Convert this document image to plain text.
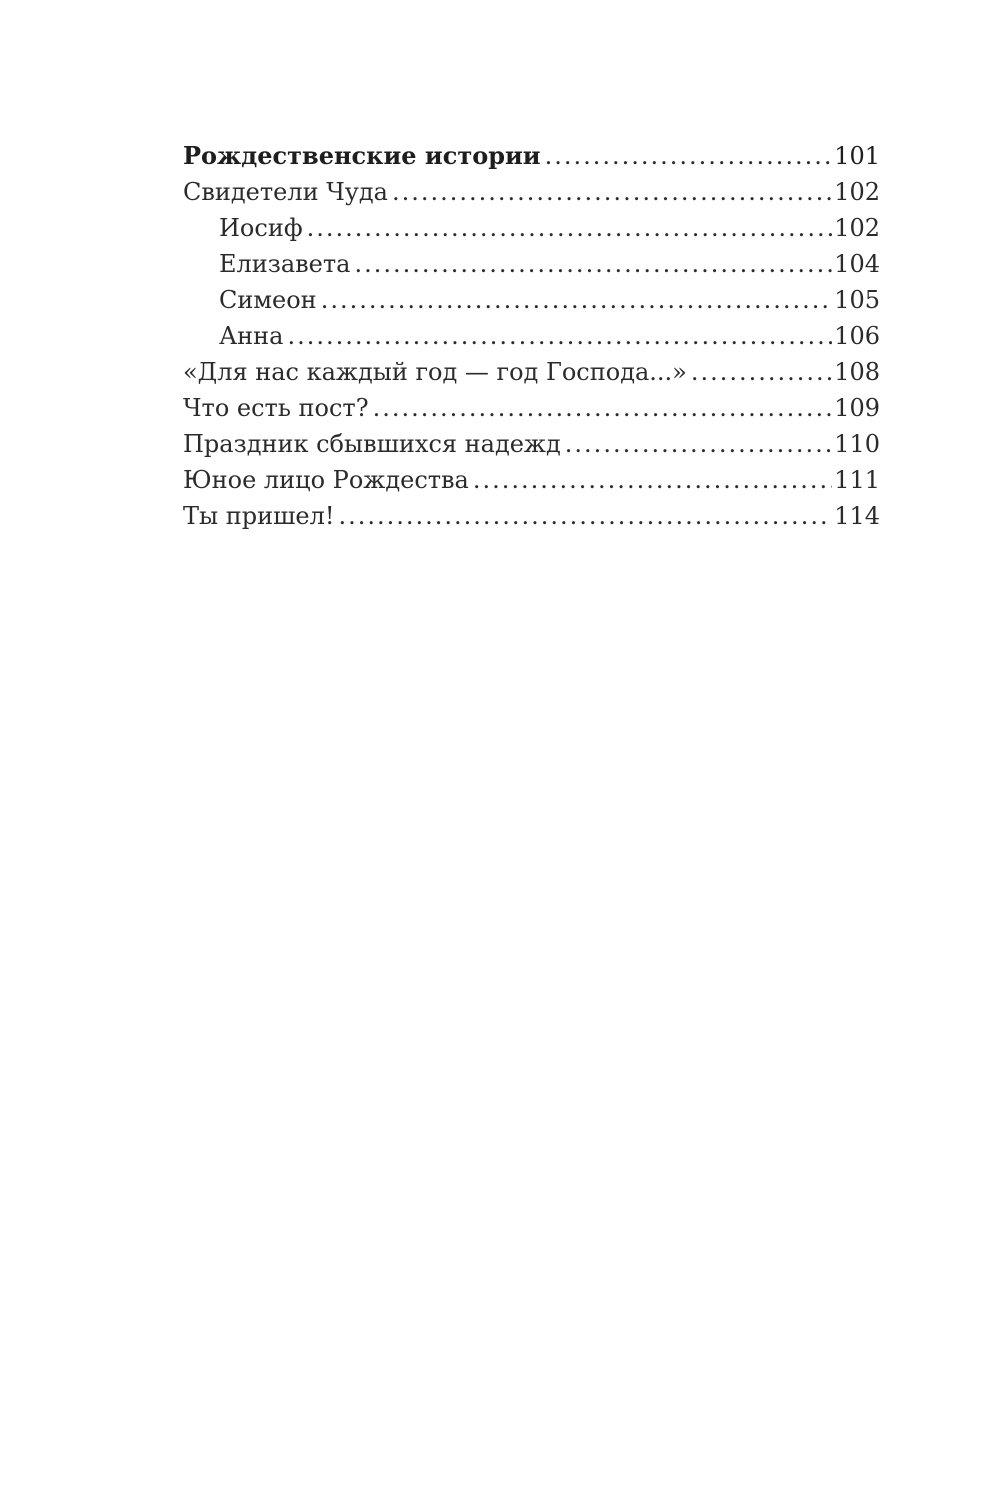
Рождественские истории .....	101
Свидетели Чуда .....	102
Иосиф .....	102
Елизавета .....	104
Симеон .....	105
Анна .....	106
«Для нас каждый год — год Господа...» .....	108
Что есть пост? .....	109
Праздник сбывшихся надежд .....	110
Юное лицо Рождества .....	111
Ты пришел! .....	114
